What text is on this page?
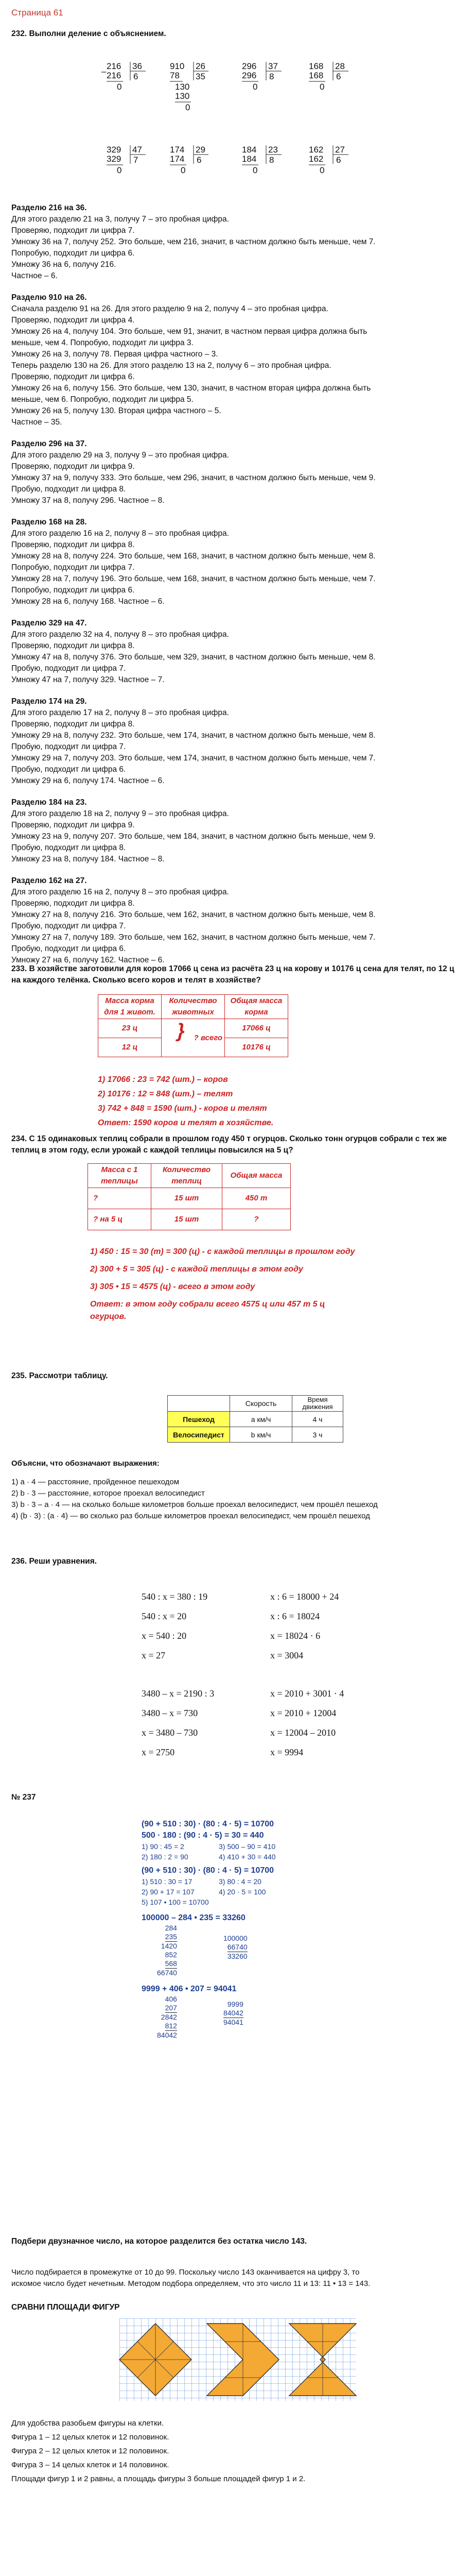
Страница 61
232. Выполни деление с объяснением.
216 36
6
216
0
–
910 26
35
78
130
130
0
296 37
8
296
0
168 28
6
168
0
329 47
7
329
0
174 29
6
174
0
184 23
8
184
0
162 27
6
162
0
Разделю 216 на 36.
Для этого разделю 21 на 3, получу 7 – это пробная цифра.
Проверяю, подходит ли цифра 7.
Умножу 36 на 7, получу 252. Это больше, чем 216, значит, в частном должно быть меньше, чем 7.
Попробую, подходит ли цифра 6.
Умножу 36 на 6, получу 216.
Частное – 6.
Разделю 910 на 26.
Сначала разделю 91 на 26. Для этого разделю 9 на 2, получу 4 – это пробная цифра.
Проверяю, подходит ли цифра 4.
Умножу 26 на 4, получу 104. Это больше, чем 91, значит, в частном первая цифра должна быть
меньше, чем 4. Попробую, подходит ли цифра 3.
Умножу 26 на 3, получу 78. Первая цифра частного – 3.
Теперь разделю 130 на 26. Для этого разделю 13 на 2, получу 6 – это пробная цифра.
Проверяю, подходит ли цифра 6.
Умножу 26 на 6, получу 156. Это больше, чем 130, значит, в частном вторая цифра должна быть
меньше, чем 6. Попробую, подходит ли цифра 5.
Умножу 26 на 5, получу 130. Вторая цифра частного – 5.
Частное – 35.
Разделю 296 на 37.
Для этого разделю 29 на 3, получу 9 – это пробная цифра.
Проверяю, подходит ли цифра 9.
Умножу 37 на 9, получу 333. Это больше, чем 296, значит, в частном должно быть меньше, чем 9.
Пробую, подходит ли цифра 8.
Умножу 37 на 8, получу 296. Частное – 8.
Разделю 168 на 28.
Для этого разделю 16 на 2, получу 8 – это пробная цифра.
Проверяю, подходит ли цифра 8.
Умножу 28 на 8, получу 224. Это больше, чем 168, значит, в частном должно быть меньше, чем 8.
Попробую, подходит ли цифра 7.
Умножу 28 на 7, получу 196. Это больше, чем 168, значит, в частном должно быть меньше, чем 7.
Попробую, подходит ли цифра 6.
Умножу 28 на 6, получу 168. Частное – 6.
Разделю 329 на 47.
Для этого разделю 32 на 4, получу 8 – это пробная цифра.
Проверяю, подходит ли цифра 8.
Умножу 47 на 8, получу 376. Это больше, чем 329, значит, в частном должно быть меньше, чем 8.
Пробую, подходит ли цифра 7.
Умножу 47 на 7, получу 329. Частное – 7.
Разделю 174 на 29.
Для этого разделю 17 на 2, получу 8 – это пробная цифра.
Проверяю, подходит ли цифра 8.
Умножу 29 на 8, получу 232. Это больше, чем 174, значит, в частном должно быть меньше, чем 8.
Пробую, подходит ли цифра 7.
Умножу 29 на 7, получу 203. Это больше, чем 174, значит, в частном должно быть меньше, чем 7.
Пробую, подходит ли цифра 6.
Умножу 29 на 6, получу 174. Частное – 6.
Разделю 184 на 23.
Для этого разделю 18 на 2, получу 9 – это пробная цифра.
Проверяю, подходит ли цифра 9.
Умножу 23 на 9, получу 207. Это больше, чем 184, значит, в частном должно быть меньше, чем 9.
Пробую, подходит ли цифра 8.
Умножу 23 на 8, получу 184. Частное – 8.
Разделю 162 на 27.
Для этого разделю 16 на 2, получу 8 – это пробная цифра.
Проверяю, подходит ли цифра 8.
Умножу 27 на 8, получу 216. Это больше, чем 162, значит, в частном должно быть меньше, чем 8.
Пробую, подходит ли цифра 7.
Умножу 27 на 7, получу 189. Это больше, чем 162, значит, в частном должно быть меньше, чем 7.
Пробую, подходит ли цифра 6.
Умножу 27 на 6, получу 162. Частное – 6.
233. В хозяйстве заготовили для коров 17066 ц сена из расчёта 23 ц на корову и 10176 ц сена для телят, по 12 ц на каждого телёнка. Сколько всего коров и телят в хозяйстве?
Масса корма для 1 живот.	Количество животных	Общая масса корма
23 ц	} ? всего	17066 ц
12 ц		10176 ц
1) 17066 : 23 = 742 (шт.) – коров
2) 10176 : 12 = 848 (шт.) – телят
3) 742 + 848 = 1590 (шт.) - коров и телят
Ответ: 1590 коров и телят в хозяйстве.
234. С 15 одинаковых теплиц собрали в прошлом году 450 т огурцов. Сколько тонн огурцов собрали с тех же теплиц в этом году, если урожай с каждой теплицы повысился на 5 ц?
Масса с 1 теплицы	Количество теплиц	Общая масса
?	15 шт	450 т
? на 5 ц	15 шт	?
1) 450 : 15 = 30 (т) = 300 (ц) - с каждой теплицы в прошлом году
2) 300 + 5 = 305 (ц) - с каждой теплицы в этом году
3) 305 • 15 = 4575 (ц) - всего в этом году
Ответ: в этом году собрали всего 4575 ц или 457 т 5 ц огурцов.
235. Рассмотри таблицу.
	Скорость	Время движения
Пешеход	a км/ч	4 ч
Велосипедист	b км/ч	3 ч
Объясни, что обозначают выражения:
1) a · 4 — расстояние, пройденное пешеходом
2) b · 3 — расстояние, которое проехал велосипедист
3) b · 3 – a · 4 — на сколько больше километров больше проехал велосипедист, чем прошёл пешеход
4) (b · 3) : (a · 4) — во сколько раз больше километров проехал велосипедист, чем прошёл пешеход
236. Реши уравнения.
540 : x = 380 : 19
540 : x = 20
x = 540 : 20
x = 27
x : 6 = 18000 + 24
x : 6 = 18024
x = 18024 · 6
x = 3004
3480 – x = 2190 : 3
3480 – x = 730
x = 3480 – 730
x = 2750
x = 2010 + 3001 · 4
x = 2010 + 12004
x = 12004 – 2010
x = 9994
№ 237
(90 + 510 : 30) · (80 : 4 · 5) = 10700
500 · 180 : (90 : 4 · 5) = 30 = 440
1) 90 : 45 = 2	3) 500 – 90 = 410
2) 180 : 2 = 90	4) 410 + 30 = 440
(90 + 510 : 30) · (80 : 4 · 5) = 10700
1) 510 : 30 = 17	3) 80 : 4 = 20
2) 90 + 17 = 107	4) 20 · 5 = 100
5) 107 • 100 = 10700
100000 – 284 • 235 = 33260
284
235
1420
852
568
66740
100000
66740
33260
9999 + 406 • 207 = 94041
406
207
2842
812
84042
9999
84042
94041
Подбери двузначное число, на которое разделится без остатка число 143.
Число подбирается в промежутке от 10 до 99. Поскольку число 143 оканчивается на цифру 3, то
искомое число будет нечетным. Методом подбора определяем, что это число 11 и 13: 11 • 13 = 143.
СРАВНИ ПЛОЩАДИ ФИГУР
Для удобства разобьем фигуры на клетки.
Фигура 1 – 12 целых клеток и 12 половинок.
Фигура 2 – 12 целых клеток и 12 половинок.
Фигура 3 – 14 целых клеток и 14 половинок.
Площади фигур 1 и 2 равны, а площадь фигуры 3 больше площадей фигур 1 и 2.
